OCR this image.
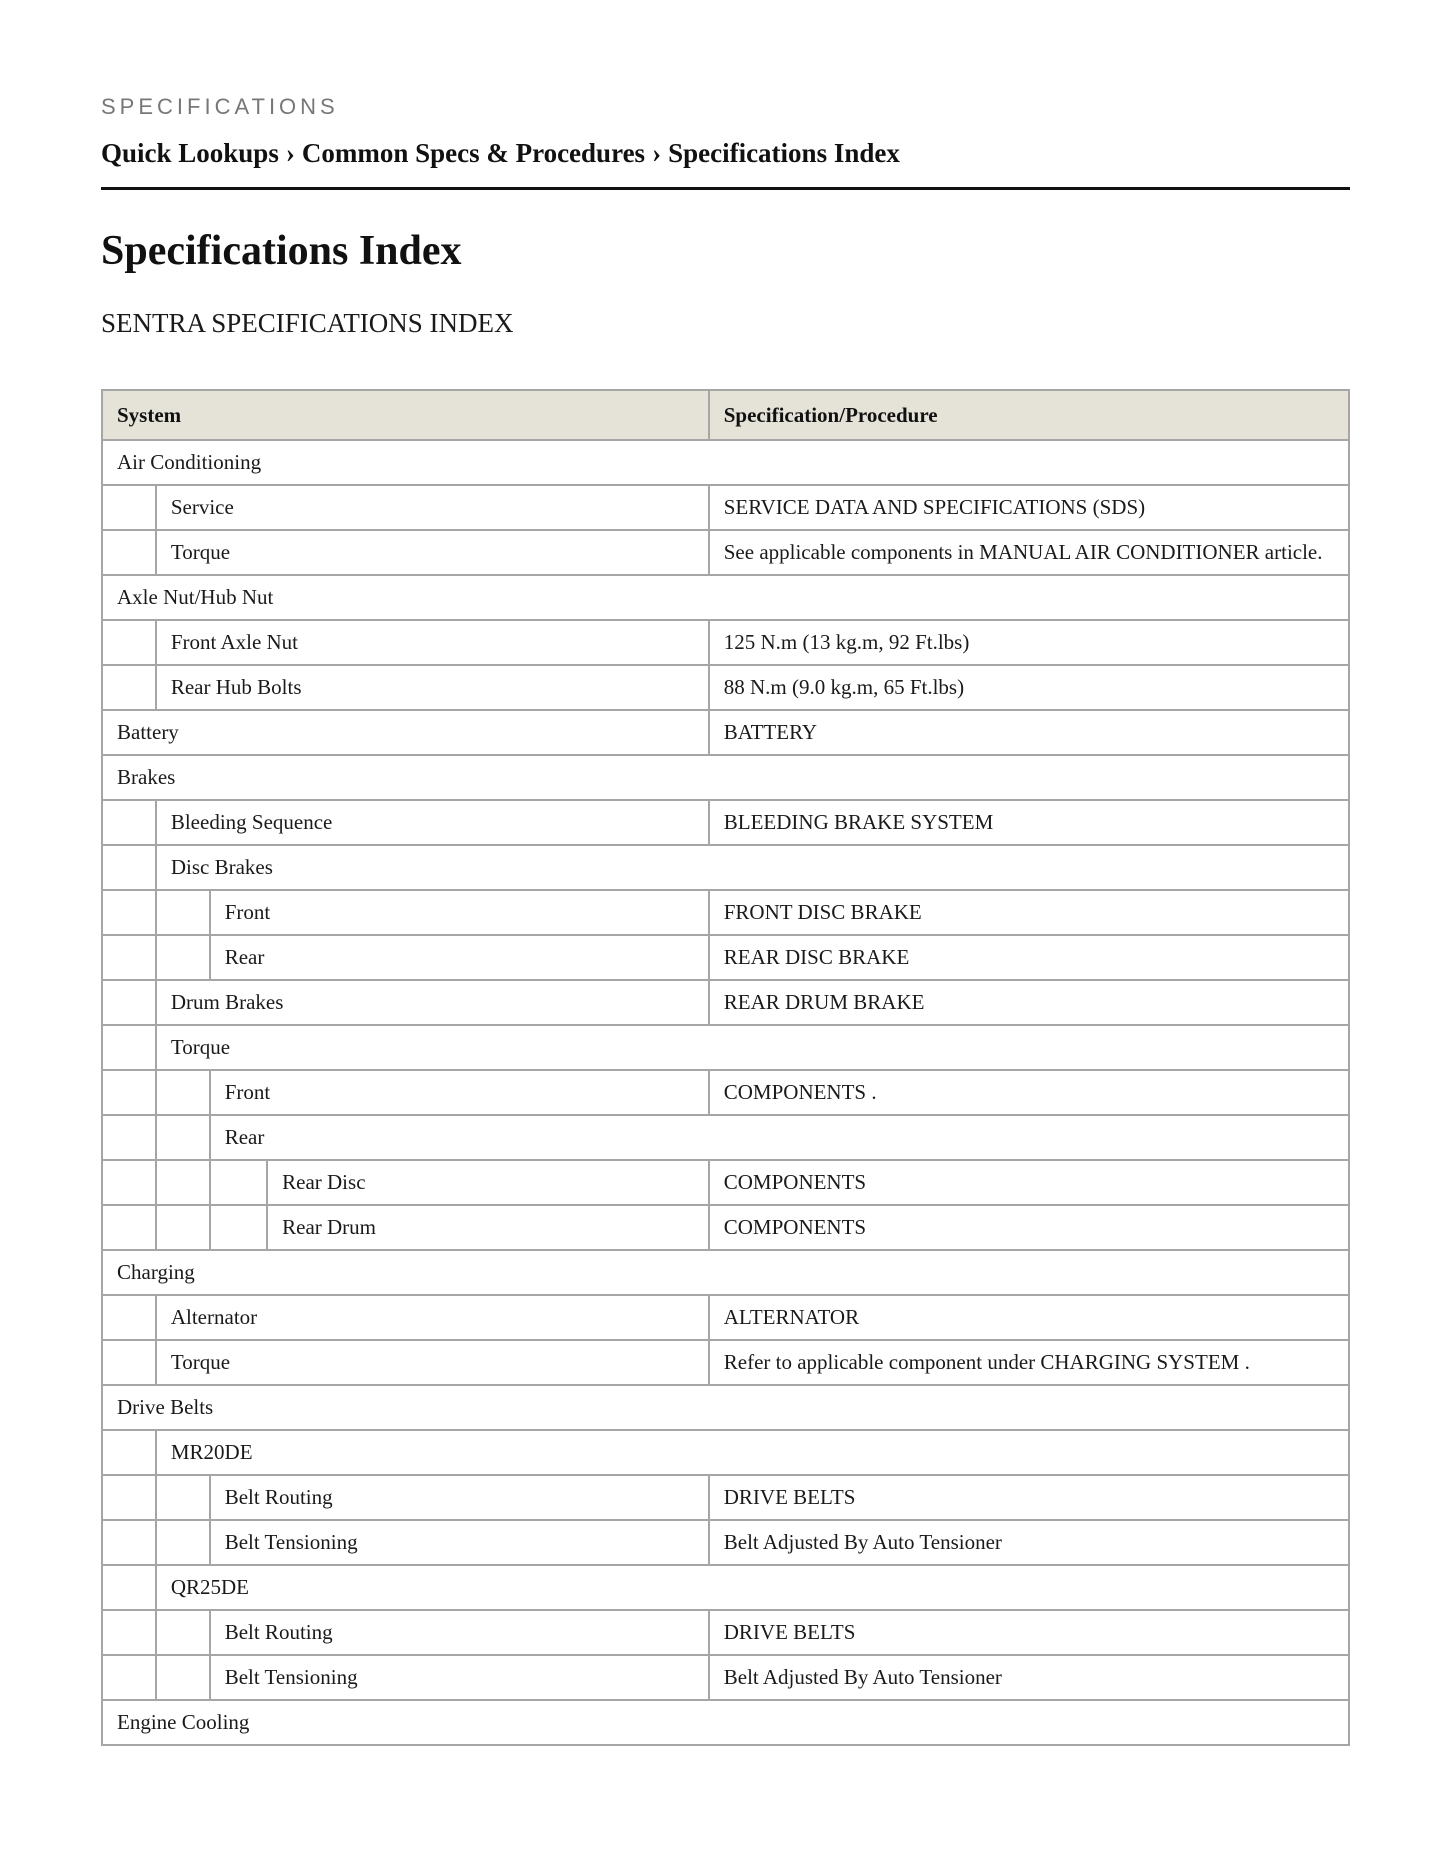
SPECIFICATIONS
Quick Lookups › Common Specs & Procedures › Specifications Index
Specifications Index
SENTRA SPECIFICATIONS INDEX
System				Specification/Procedure
Air Conditioning				
	Service			SERVICE DATA AND SPECIFICATIONS (SDS)
	Torque			See applicable components in MANUAL AIR CONDITIONER article.
Axle Nut/Hub Nut				
	Front Axle Nut			125 N.m (13 kg.m, 92 Ft.lbs)
	Rear Hub Bolts			88 N.m (9.0 kg.m, 65 Ft.lbs)
Battery				BATTERY
Brakes				
	Bleeding Sequence			BLEEDING BRAKE SYSTEM
	Disc Brakes			
		Front		FRONT DISC BRAKE
		Rear		REAR DISC BRAKE
	Drum Brakes			REAR DRUM BRAKE
	Torque			
		Front		COMPONENTS .
		Rear		
			Rear Disc	COMPONENTS
			Rear Drum	COMPONENTS
Charging				
	Alternator			ALTERNATOR
	Torque			Refer to applicable component under CHARGING SYSTEM .
Drive Belts				
	MR20DE			
		Belt Routing		DRIVE BELTS
		Belt Tensioning		Belt Adjusted By Auto Tensioner
	QR25DE			
		Belt Routing		DRIVE BELTS
		Belt Tensioning		Belt Adjusted By Auto Tensioner
Engine Cooling				
